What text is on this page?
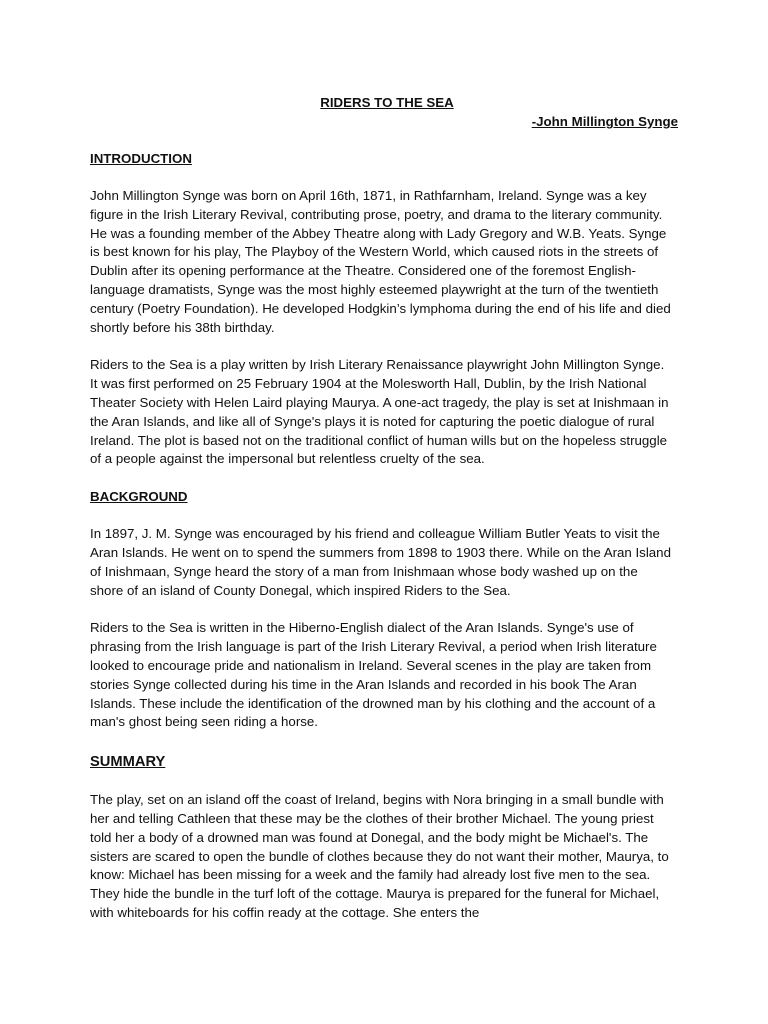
RIDERS TO THE SEA

-John Millington Synge

INTRODUCTION

John Millington Synge was born on April 16th, 1871, in Rathfarnham, Ireland. Synge was a key figure in the Irish Literary Revival, contributing prose, poetry, and drama to the literary community. He was a founding member of the Abbey Theatre along with Lady Gregory and W.B. Yeats. Synge is best known for his play, The Playboy of the Western World, which caused riots in the streets of Dublin after its opening performance at the Theatre. Considered one of the foremost English-language dramatists, Synge was the most highly esteemed playwright at the turn of the twentieth century (Poetry Foundation). He developed Hodgkin’s lymphoma during the end of his life and died shortly before his 38th birthday.

Riders to the Sea is a play written by Irish Literary Renaissance playwright John Millington Synge. It was first performed on 25 February 1904 at the Molesworth Hall, Dublin, by the Irish National Theater Society with Helen Laird playing Maurya. A one-act tragedy, the play is set at Inishmaan in the Aran Islands, and like all of Synge's plays it is noted for capturing the poetic dialogue of rural Ireland. The plot is based not on the traditional conflict of human wills but on the hopeless struggle of a people against the impersonal but relentless cruelty of the sea.

BACKGROUND

In 1897, J. M. Synge was encouraged by his friend and colleague William Butler Yeats to visit the Aran Islands. He went on to spend the summers from 1898 to 1903 there. While on the Aran Island of Inishmaan, Synge heard the story of a man from Inishmaan whose body washed up on the shore of an island of County Donegal, which inspired Riders to the Sea.

Riders to the Sea is written in the Hiberno-English dialect of the Aran Islands. Synge's use of phrasing from the Irish language is part of the Irish Literary Revival, a period when Irish literature looked to encourage pride and nationalism in Ireland. Several scenes in the play are taken from stories Synge collected during his time in the Aran Islands and recorded in his book The Aran Islands. These include the identification of the drowned man by his clothing and the account of a man's ghost being seen riding a horse.

SUMMARY

The play, set on an island off the coast of Ireland, begins with Nora bringing in a small bundle with her and telling Cathleen that these may be the clothes of their brother Michael. The young priest told her a body of a drowned man was found at Donegal, and the body might be Michael's. The sisters are scared to open the bundle of clothes because they do not want their mother, Maurya, to know: Michael has been missing for a week and the family had already lost five men to the sea. They hide the bundle in the turf loft of the cottage. Maurya is prepared for the funeral for Michael, with whiteboards for his coffin ready at the cottage. She enters the
